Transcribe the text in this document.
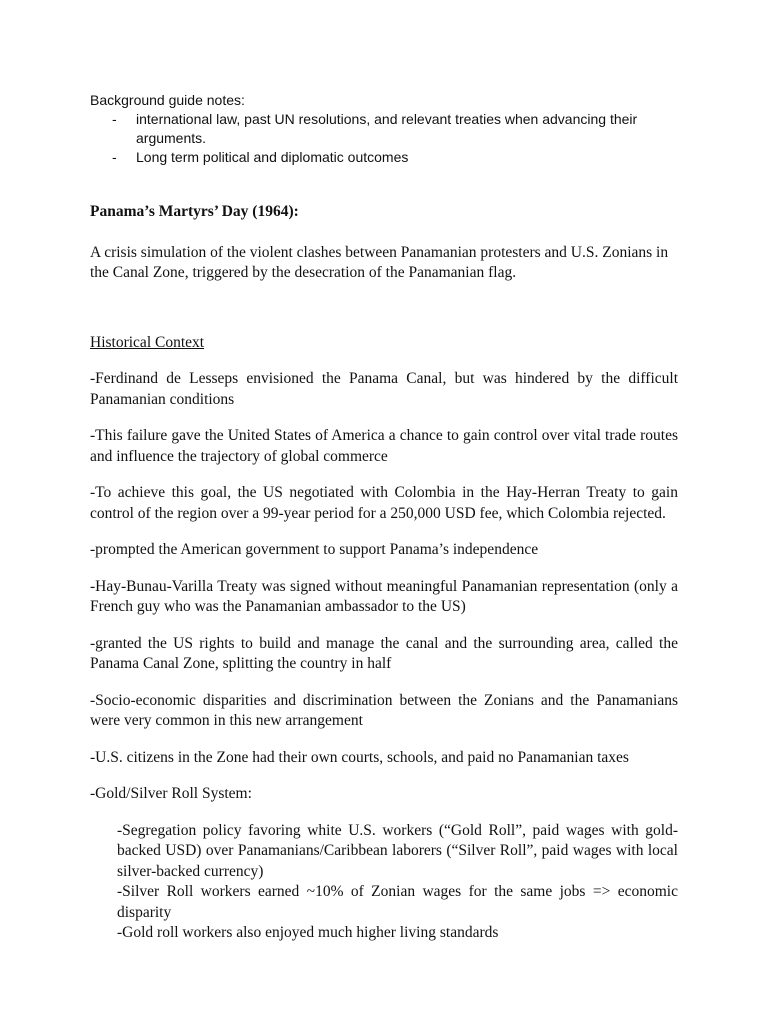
Background guide notes:

- international law, past UN resolutions, and relevant treaties when advancing their arguments.

- Long term political and diplomatic outcomes

Panama’s Martyrs’ Day (1964):

A crisis simulation of the violent clashes between Panamanian protesters and U.S. Zonians in the Canal Zone, triggered by the desecration of the Panamanian flag.

Historical Context

-Ferdinand de Lesseps envisioned the Panama Canal, but was hindered by the difficult Panamanian conditions

-This failure gave the United States of America a chance to gain control over vital trade routes and influence the trajectory of global commerce

-To achieve this goal, the US negotiated with Colombia in the Hay-Herran Treaty to gain control of the region over a 99-year period for a 250,000 USD fee, which Colombia rejected.

-prompted the American government to support Panama’s independence

-Hay-Bunau-Varilla Treaty was signed without meaningful Panamanian representation (only a French guy who was the Panamanian ambassador to the US)

-granted the US rights to build and manage the canal and the surrounding area, called the Panama Canal Zone, splitting the country in half

-Socio-economic disparities and discrimination between the Zonians and the Panamanians were very common in this new arrangement

-U.S. citizens in the Zone had their own courts, schools, and paid no Panamanian taxes

-Gold/Silver Roll System:

-Segregation policy favoring white U.S. workers (“Gold Roll”, paid wages with gold-backed USD) over Panamanians/Caribbean laborers (“Silver Roll”, paid wages with local silver-backed currency)

-Silver Roll workers earned ~10% of Zonian wages for the same jobs => economic disparity

-Gold roll workers also enjoyed much higher living standards
